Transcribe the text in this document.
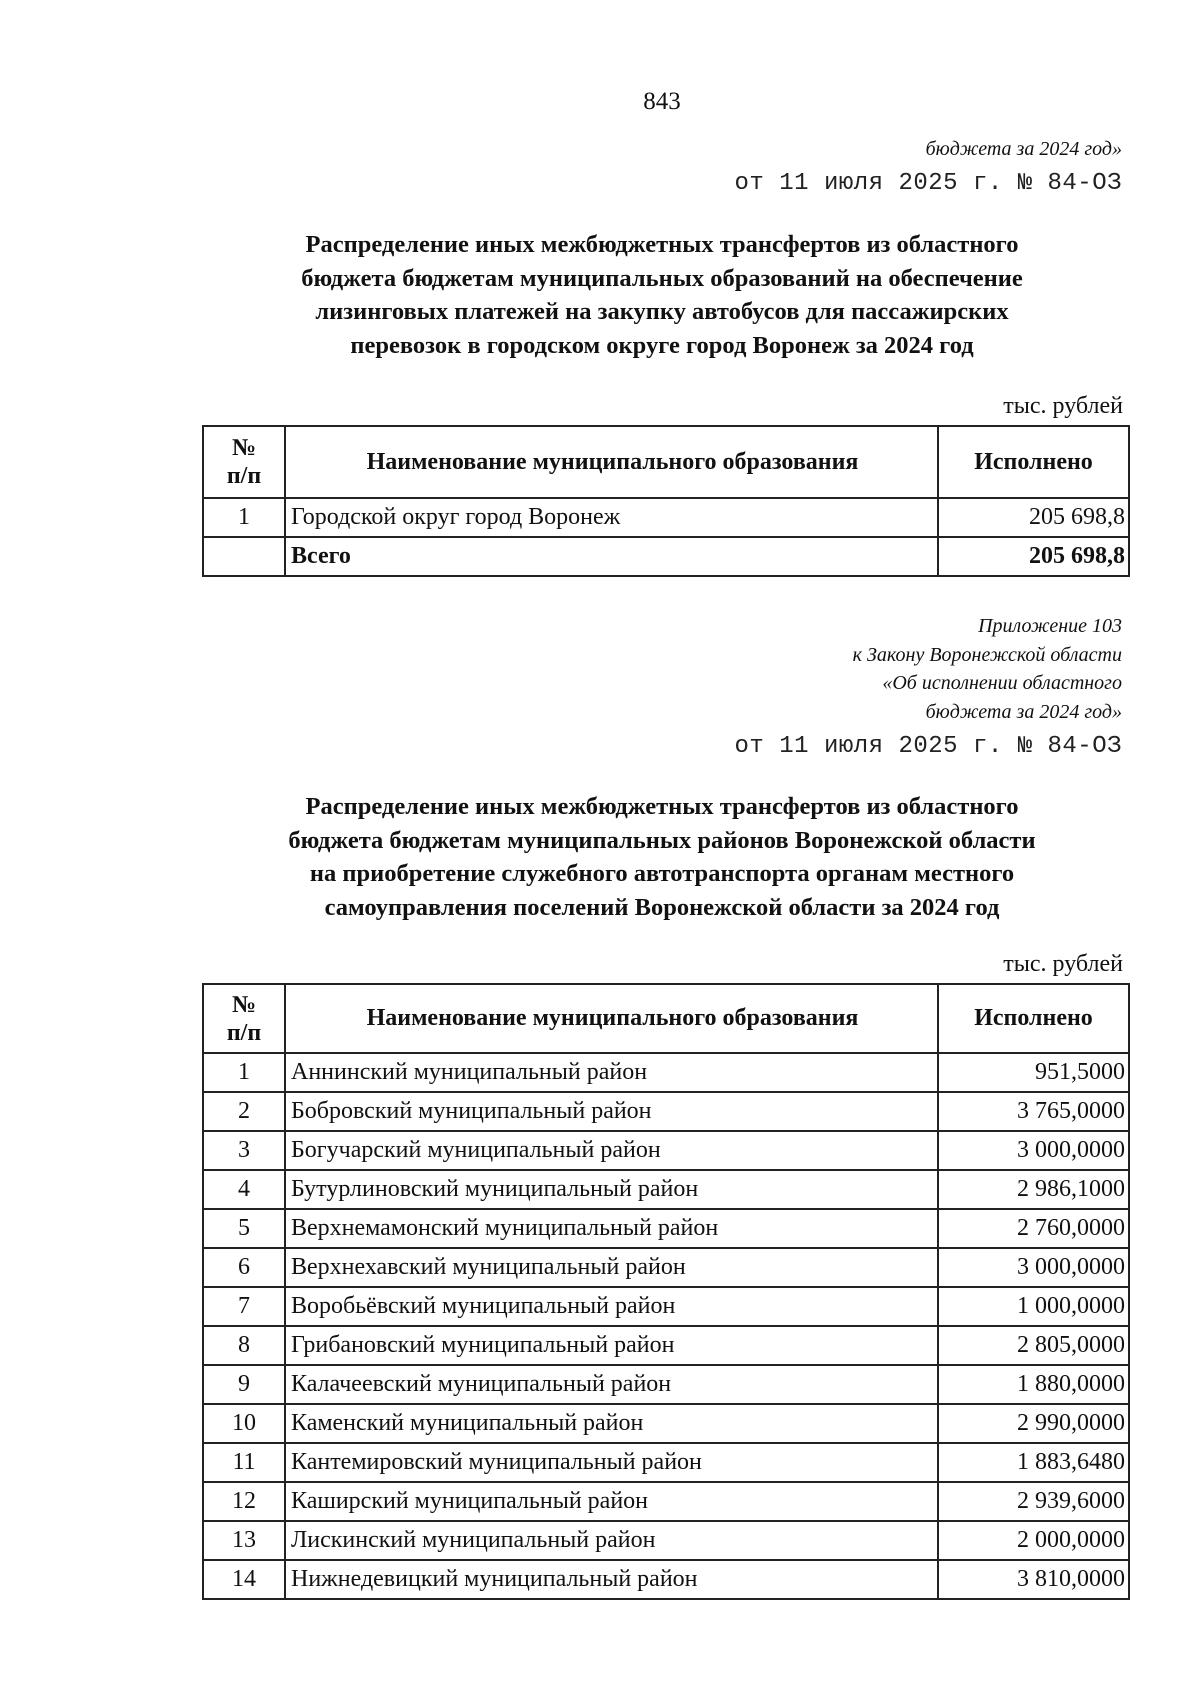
843
бюджета за 2024 год»
от 11 июля 2025 г. № 84-ОЗ
Распределение иных межбюджетных трансфертов из областного
бюджета бюджетам муниципальных образований на обеспечение
лизинговых платежей на закупку автобусов для пассажирских
перевозок в городском округе город Воронеж за 2024 год
тыс. рублей
№
п/п	Наименование муниципального образования	Исполнено
1	Городской округ город Воронеж	205 698,8
	Всего	205 698,8
Приложение 103
к Закону Воронежской области
«Об исполнении областного
бюджета за 2024 год»
от 11 июля 2025 г. № 84-ОЗ
Распределение иных межбюджетных трансфертов из областного
бюджета бюджетам муниципальных районов Воронежской области
на приобретение служебного автотранспорта органам местного
самоуправления поселений Воронежской области за 2024 год
тыс. рублей
№
п/п	Наименование муниципального образования	Исполнено
1	Аннинский муниципальный район	951,5000
2	Бобровский муниципальный район	3 765,0000
3	Богучарский муниципальный район	3 000,0000
4	Бутурлиновский муниципальный район	2 986,1000
5	Верхнемамонский муниципальный район	2 760,0000
6	Верхнехавский муниципальный район	3 000,0000
7	Воробьёвский муниципальный район	1 000,0000
8	Грибановский муниципальный район	2 805,0000
9	Калачеевский муниципальный район	1 880,0000
10	Каменский муниципальный район	2 990,0000
11	Кантемировский муниципальный район	1 883,6480
12	Каширский муниципальный район	2 939,6000
13	Лискинский муниципальный район	2 000,0000
14	Нижнедевицкий муниципальный район	3 810,0000
